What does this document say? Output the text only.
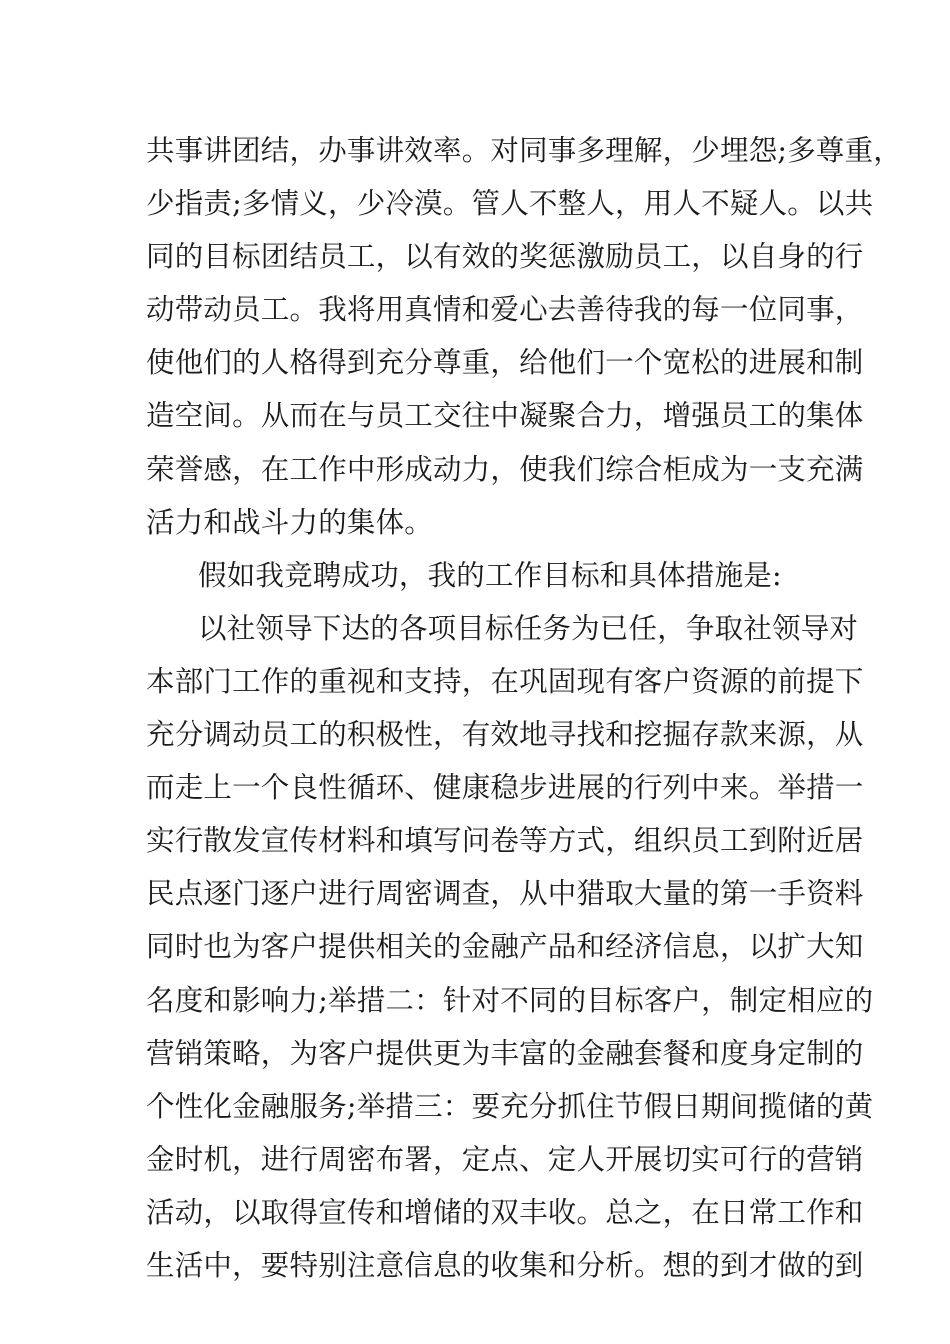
共事讲团结，办事讲效率。对同事多理解，少埋怨;多尊重，
少指责;多情义，少冷漠。管人不整人，用人不疑人。以共
同的目标团结员工，以有效的奖惩激励员工，以自身的行
动带动员工。我将用真情和爱心去善待我的每一位同事，
使他们的人格得到充分尊重，给他们一个宽松的进展和制
造空间。从而在与员工交往中凝聚合力，增强员工的集体
荣誉感，在工作中形成动力，使我们综合柜成为一支充满
活力和战斗力的集体。
假如我竞聘成功，我的工作目标和具体措施是:
以社领导下达的各项目标任务为已任，争取社领导对
本部门工作的重视和支持，在巩固现有客户资源的前提下
充分调动员工的积极性，有效地寻找和挖掘存款来源，从
而走上一个良性循环、健康稳步进展的行列中来。举措一
实行散发宣传材料和填写问卷等方式，组织员工到附近居
民点逐门逐户进行周密调查，从中猎取大量的第一手资料
同时也为客户提供相关的金融产品和经济信息，以扩大知
名度和影响力;举措二：针对不同的目标客户，制定相应的
营销策略，为客户提供更为丰富的金融套餐和度身定制的
个性化金融服务;举措三：要充分抓住节假日期间揽储的黄
金时机，进行周密布署，定点、定人开展切实可行的营销
活动，以取得宣传和增储的双丰收。总之，在日常工作和
生活中，要特别注意信息的收集和分析。想的到才做的到
